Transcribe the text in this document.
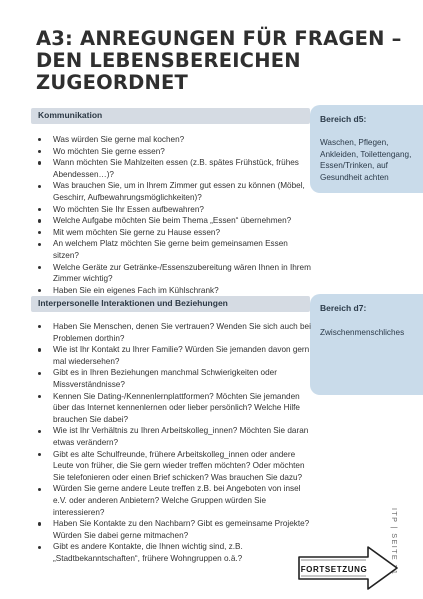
A3: ANREGUNGEN FÜR FRAGEN –
DEN LEBENSBEREICHEN
ZUGEORDNET
Bereich d5:
Waschen, Pflegen, Ankleiden, Toilettengang, Essen/Trinken, auf Gesundheit achten
Kommunikation
Was würden Sie gerne mal kochen?
Wo möchten Sie gerne essen?
Wann möchten Sie Mahlzeiten essen (z.B. spätes Frühstück, frühes Abendessen…)?
Was brauchen Sie, um in Ihrem Zimmer gut essen zu können (Möbel, Geschirr, Aufbewahrungsmöglichkeiten)?
Wo möchten Sie Ihr Essen aufbewahren?
Welche Aufgabe möchten Sie beim Thema „Essen“ übernehmen?
Mit wem möchten Sie gerne zu Hause essen?
An welchem Platz möchten Sie gerne beim gemeinsamen Essen sitzen?
Welche Geräte zur Getränke-/Essenszubereitung wären Ihnen in Ihrem Zimmer wichtig?
Haben Sie ein eigenes Fach im Kühlschrank?
Bereich d7:
Zwischenmenschliches
Interpersonelle Interaktionen und Beziehungen
Haben Sie Menschen, denen Sie vertrauen? Wenden Sie sich auch bei Problemen dorthin?
Wie ist Ihr Kontakt zu Ihrer Familie? Würden Sie jemanden davon gern mal wiedersehen?
Gibt es in Ihren Beziehungen manchmal Schwierigkeiten oder Missverständnisse?
Kennen Sie Dating-/Kennenlernplattformen? Möchten Sie jemanden über das Internet kennenlernen oder lieber persönlich? Welche Hilfe brauchen Sie dabei?
Wie ist Ihr Verhältnis zu Ihren Arbeitskolleg_innen? Möchten Sie daran etwas verändern?
Gibt es alte Schulfreunde, frühere Arbeitskolleg_innen oder andere Leute von früher, die Sie gern wieder treffen möchten? Oder möchten Sie telefonieren oder einen Brief schicken? Was brauchen Sie dazu?
Würden Sie gerne andere Leute treffen z.B. bei Angeboten von insel e.V. oder anderen Anbietern? Welche Gruppen würden Sie interessieren?
Haben Sie Kontakte zu den Nachbarn? Gibt es gemeinsame Projekte? Würden Sie dabei gerne mitmachen?
Gibt es andere Kontakte, die Ihnen wichtig sind, z.B. „Stadtbekanntschaften“, frühere Wohngruppen o.ä.?	ITP | SEITE 31
FORTSETZUNG
